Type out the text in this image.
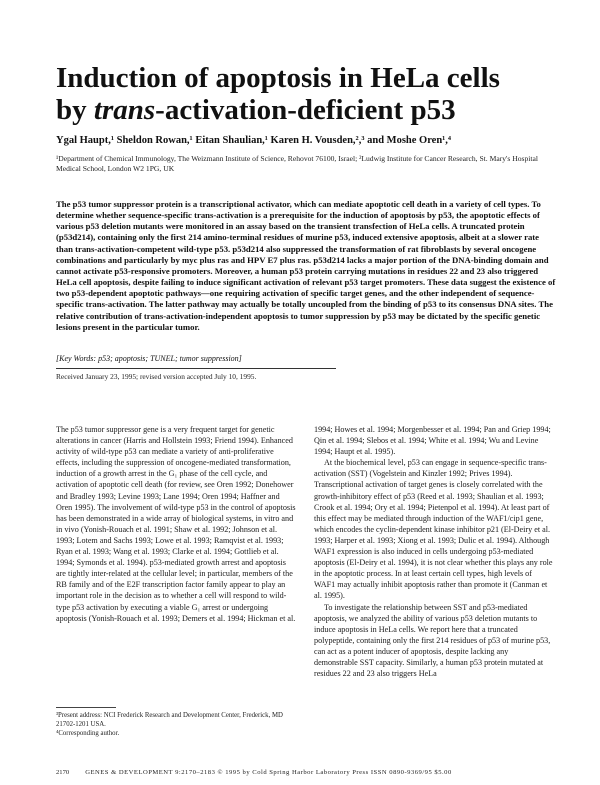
Induction of apoptosis in HeLa cells
by trans-activation-deficient p53

Ygal Haupt,¹ Sheldon Rowan,¹ Eitan Shaulian,¹ Karen H. Vousden,²,³ and Moshe Oren¹,⁴

¹Department of Chemical Immunology, The Weizmann Institute of Science, Rehovot 76100, Israel; ²Ludwig Institute for Cancer Research, St. Mary's Hospital Medical School, London W2 1PG, UK

The p53 tumor suppressor protein is a transcriptional activator, which can mediate apoptotic cell death in a variety of cell types. To determine whether sequence-specific trans-activation is a prerequisite for the induction of apoptosis by p53, the apoptotic effects of various p53 deletion mutants were monitored in an assay based on the transient transfection of HeLa cells. A truncated protein (p53d214), containing only the first 214 amino-terminal residues of murine p53, induced extensive apoptosis, albeit at a slower rate than trans-activation-competent wild-type p53. p53d214 also suppressed the transformation of rat fibroblasts by several oncogene combinations and particularly by myc plus ras and HPV E7 plus ras. p53d214 lacks a major portion of the DNA-binding domain and cannot activate p53-responsive promoters. Moreover, a human p53 protein carrying mutations in residues 22 and 23 also triggered HeLa cell apoptosis, despite failing to induce significant activation of relevant p53 target promoters. These data suggest the existence of two p53-dependent apoptotic pathways—one requiring activation of specific target genes, and the other independent of sequence-specific trans-activation. The latter pathway may actually be totally uncoupled from the binding of p53 to its consensus DNA sites. The relative contribution of trans-activation-independent apoptosis to tumor suppression by p53 may be dictated by the specific genetic lesions present in the particular tumor.

[Key Words: p53; apoptosis; TUNEL; tumor suppression]

Received January 23, 1995; revised version accepted July 10, 1995.

The p53 tumor suppressor gene is a very frequent target for genetic alterations in cancer (Harris and Hollstein 1993; Friend 1994). Enhanced activity of wild-type p53 can mediate a variety of anti-proliferative effects, including the suppression of oncogene-mediated transformation, induction of a growth arrest in the G₁ phase of the cell cycle, and activation of apoptotic cell death (for review, see Oren 1992; Donehower and Bradley 1993; Levine 1993; Lane 1994; Oren 1994; Haffner and Oren 1995). The involvement of wild-type p53 in the control of apoptosis has been demonstrated in a wide array of biological systems, in vitro and in vivo (Yonish-Rouach et al. 1991; Shaw et al. 1992; Johnson et al. 1993; Lotem and Sachs 1993; Lowe et al. 1993; Ramqvist et al. 1993; Ryan et al. 1993; Wang et al. 1993; Clarke et al. 1994; Gottlieb et al. 1994; Symonds et al. 1994). p53-mediated growth arrest and apoptosis are tightly inter-related at the cellular level; in particular, members of the RB family and of the E2F transcription factor family appear to play an important role in the decision as to whether a cell will respond to wild-type p53 activation by executing a viable G₁ arrest or undergoing apoptosis (Yonish-Rouach et al. 1993; Demers et al. 1994; Hickman et al.

1994; Howes et al. 1994; Morgenbesser et al. 1994; Pan and Griep 1994; Qin et al. 1994; Slebos et al. 1994; White et al. 1994; Wu and Levine 1994; Haupt et al. 1995).

At the biochemical level, p53 can engage in sequence-specific trans-activation (SST) (Vogelstein and Kinzler 1992; Prives 1994). Transcriptional activation of target genes is closely correlated with the growth-inhibitory effect of p53 (Reed et al. 1993; Shaulian et al. 1993; Crook et al. 1994; Ory et al. 1994; Pietenpol et al. 1994). At least part of this effect may be mediated through induction of the WAF1/cip1 gene, which encodes the cyclin-dependent kinase inhibitor p21 (El-Deiry et al. 1993; Harper et al. 1993; Xiong et al. 1993; Dulic et al. 1994). Although WAF1 expression is also induced in cells undergoing p53-mediated apoptosis (El-Deiry et al. 1994), it is not clear whether this plays any role in the apoptotic process. In at least certain cell types, high levels of WAF1 may actually inhibit apoptosis rather than promote it (Canman et al. 1995).

To investigate the relationship between SST and p53-mediated apoptosis, we analyzed the ability of various p53 deletion mutants to induce apoptosis in HeLa cells. We report here that a truncated polypeptide, containing only the first 214 residues of p53 of murine p53, can act as a potent inducer of apoptosis, despite lacking any demonstrable SST capacity. Similarly, a human p53 protein mutated at residues 22 and 23 also triggers HeLa

³Present address: NCI Frederick Research and Development Center, Frederick, MD 21702-1201 USA.

⁴Corresponding author.

2170 GENES & DEVELOPMENT 9:2170–2183 © 1995 by Cold Spring Harbor Laboratory Press ISSN 0890-9369/95 $5.00
